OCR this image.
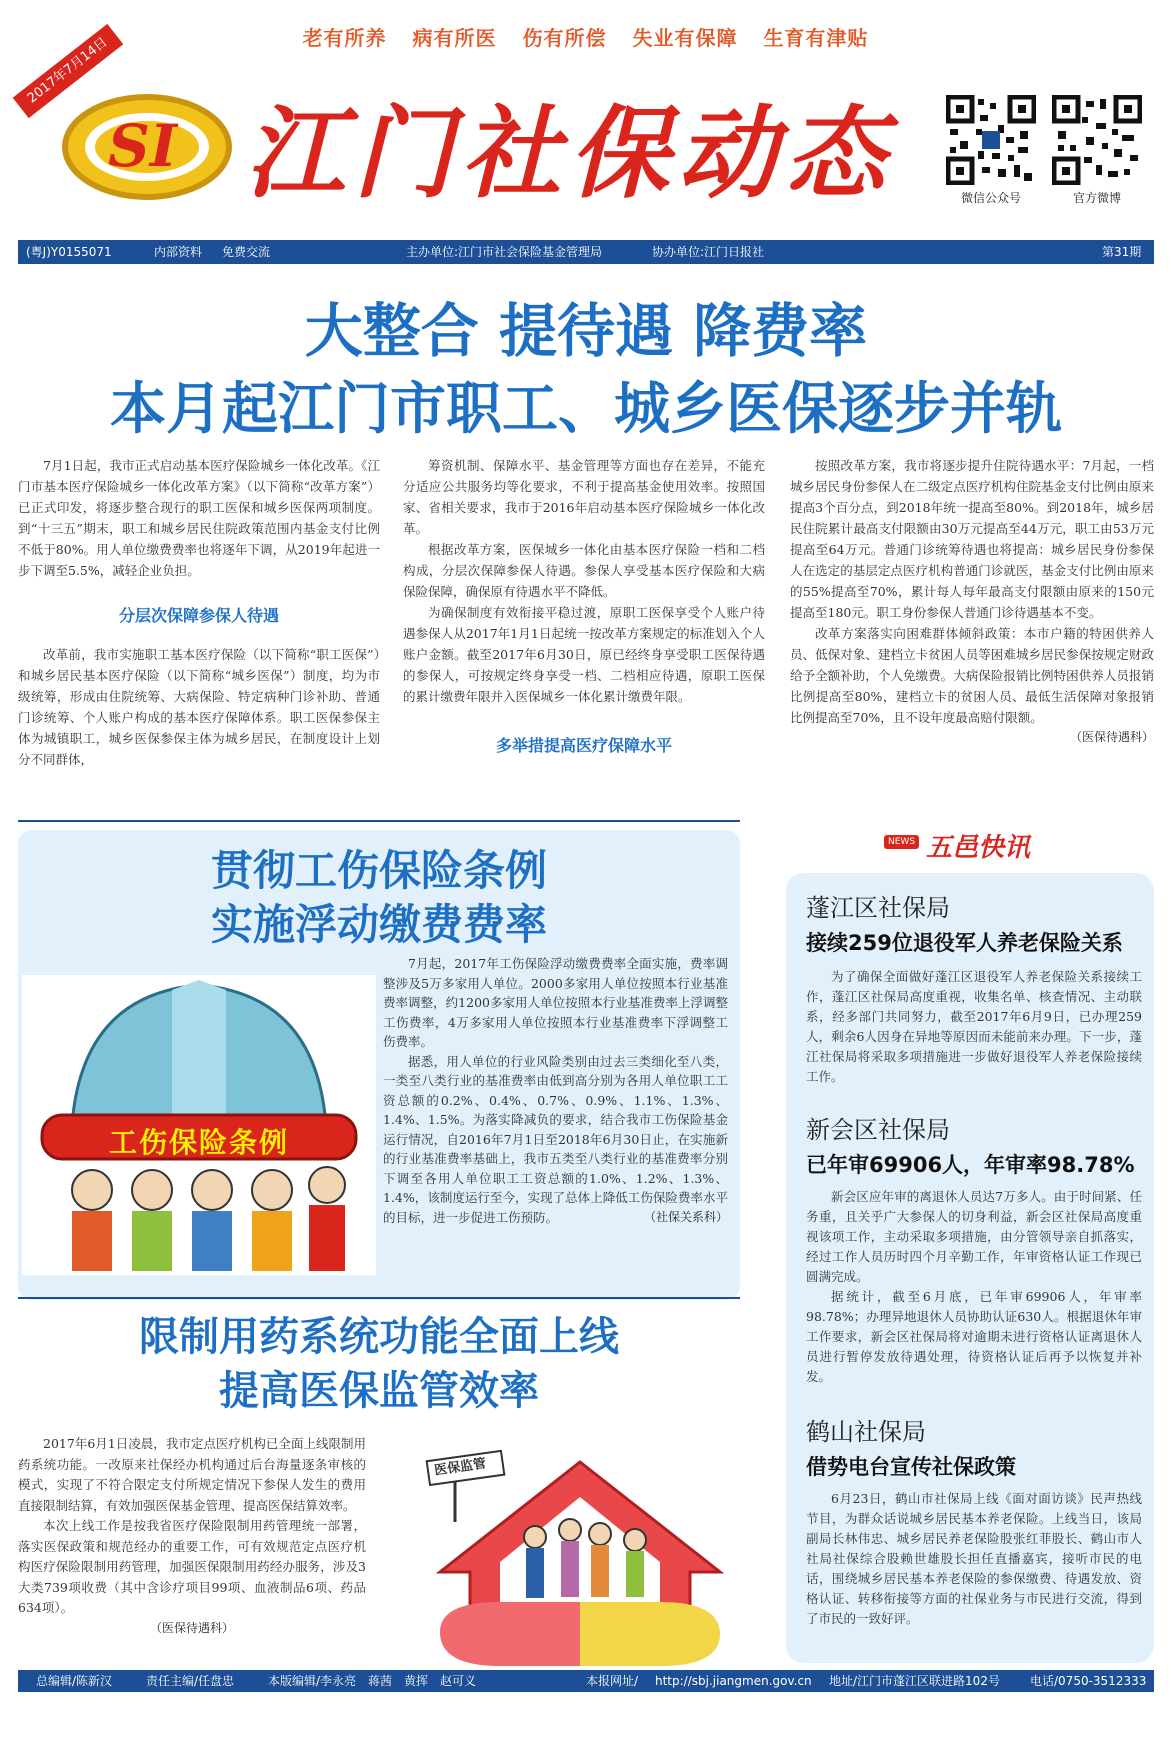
老有所养 病有所医 伤有所偿 失业有保障 生育有津贴
2017年7月14日
SI 江门社保动态	微信公众号	官方微博
(粤J)Y0155071	内部资料 免费交流	主办单位:江门市社会保险基金管理局	协办单位:江门日报社	第31期
大整合 提待遇 降费率
本月起江门市职工、城乡医保逐步并轨

7月1日起，我市正式启动基本医疗保险城乡一体化改革。《江门市基本医疗保险城乡一体化改革方案》（以下简称“改革方案”）已正式印发，将逐步整合现行的职工医保和城乡医保两项制度。到“十三五”期末，职工和城乡居民住院政策范围内基金支付比例不低于80%。用人单位缴费费率也将逐年下调，从2019年起进一步下调至5.5%，减轻企业负担。

分层次保障参保人待遇

改革前，我市实施职工基本医疗保险（以下简称“职工医保”）和城乡居民基本医疗保险（以下简称“城乡医保”）制度，均为市级统筹，形成由住院统筹、大病保险、特定病种门诊补助、普通门诊统筹、个人账户构成的基本医疗保障体系。职工医保参保主体为城镇职工，城乡医保参保主体为城乡居民，在制度设计上划分不同群体，

筹资机制、保障水平、基金管理等方面也存在差异，不能充分适应公共服务均等化要求，不利于提高基金使用效率。按照国家、省相关要求，我市于2016年启动基本医疗保险城乡一体化改革。

根据改革方案，医保城乡一体化由基本医疗保险一档和二档构成，分层次保障参保人待遇。参保人享受基本医疗保险和大病保险保障，确保原有待遇水平不降低。

为确保制度有效衔接平稳过渡，原职工医保享受个人账户待遇参保人从2017年1月1日起统一按改革方案规定的标准划入个人账户金额。截至2017年6月30日，原已经终身享受职工医保待遇的参保人，可按规定终身享受一档、二档相应待遇，原职工医保的累计缴费年限并入医保城乡一体化累计缴费年限。

多举措提高医疗保障水平

按照改革方案，我市将逐步提升住院待遇水平：7月起，一档城乡居民身份参保人在二级定点医疗机构住院基金支付比例由原来提高3个百分点，到2018年统一提高至80%。到2018年，城乡居民住院累计最高支付限额由30万元提高至44万元，职工由53万元提高至64万元。普通门诊统筹待遇也将提高：城乡居民身份参保人在选定的基层定点医疗机构普通门诊就医，基金支付比例由原来的55%提高至70%，累计每人每年最高支付限额由原来的150元提高至180元。职工身份参保人普通门诊待遇基本不变。

改革方案落实向困难群体倾斜政策：本市户籍的特困供养人员、低保对象、建档立卡贫困人员等困难城乡居民参保按规定财政给予全额补助，个人免缴费。大病保险报销比例特困供养人员报销比例提高至80%，建档立卡的贫困人员、最低生活保障对象报销比例提高至70%，且不设年度最高赔付限额。

（医保待遇科）
贯彻工伤保险条例
实施浮动缴费费率
工伤保险条例

7月起，2017年工伤保险浮动缴费费率全面实施，费率调整涉及5万多家用人单位。2000多家用人单位按照本行业基准费率调整，约1200多家用人单位按照本行业基准费率上浮调整工伤费率，4万多家用人单位按照本行业基准费率下浮调整工伤费率。

据悉，用人单位的行业风险类别由过去三类细化至八类，一类至八类行业的基准费率由低到高分别为各用人单位职工工资总额的0.2%、0.4%、0.7%、0.9%、1.1%、1.3%、1.4%、1.5%。为落实降减负的要求，结合我市工伤保险基金运行情况，自2016年7月1日至2018年6月30日止，在实施新的行业基准费率基础上，我市五类至八类行业的基准费率分别下调至各用人单位职工工资总额的1.0%、1.2%、1.3%、1.4%，该制度运行至今，实现了总体上降低工伤保险费率水平的目标，进一步促进工伤预防。	（社保关系科）
限制用药系统功能全面上线
提高医保监管效率

2017年6月1日凌晨，我市定点医疗机构已全面上线限制用药系统功能。一改原来社保经办机构通过后台海量逐条审核的模式，实现了不符合限定支付所规定情况下参保人发生的费用直接限制结算，有效加强医保基金管理、提高医保结算效率。

本次上线工作是按我省医疗保险限制用药管理统一部署，落实医保政策和规范经办的重要工作，可有效规范定点医疗机构医疗保险限制用药管理，加强医保限制用药经办服务，涉及3大类739项收费（其中含诊疗项目99项、血液制品6项、药品634项）。

（医保待遇科）
医保监管
NEWS 五邑快讯
蓬江区社保局
接续259位退役军人养老保险关系

为了确保全面做好蓬江区退役军人养老保险关系接续工作，蓬江区社保局高度重视，收集名单、核查情况、主动联系，经多部门共同努力，截至2017年6月9日，已办理259人，剩余6人因身在异地等原因而未能前来办理。下一步，蓬江社保局将采取多项措施进一步做好退役军人养老保险接续工作。

新会区社保局
已年审69906人，年审率98.78%

新会区应年审的离退休人员达7万多人。由于时间紧、任务重，且关乎广大参保人的切身利益，新会区社保局高度重视该项工作，主动采取多项措施，由分管领导亲自抓落实，经过工作人员历时四个月辛勤工作，年审资格认证工作现已圆满完成。

据统计，截至6月底，已年审69906人，年审率98.78%；办理异地退休人员协助认证630人。根据退休年审工作要求，新会区社保局将对逾期未进行资格认证离退休人员进行暂停发放待遇处理，待资格认证后再予以恢复并补发。

鹤山社保局
借势电台宣传社保政策

6月23日，鹤山市社保局上线《面对面访谈》民声热线节目，为群众话说城乡居民基本养老保险。上线当日，该局副局长林伟忠、城乡居民养老保险股张红菲股长、鹤山市人社局社保综合股赖世雄股长担任直播嘉宾，接听市民的电话，围绕城乡居民基本养老保险的参保缴费、待遇发放、资格认证、转移衔接等方面的社保业务与市民进行交流，得到了市民的一致好评。

总编辑/陈新汉	责任主编/任盘忠	本版编辑/李永亮　蒋茜　黄挥　赵可义	本报网址/ http://sbj.jiangmen.gov.cn 地址/江门市蓬江区联进路102号	电话/0750-3512333
